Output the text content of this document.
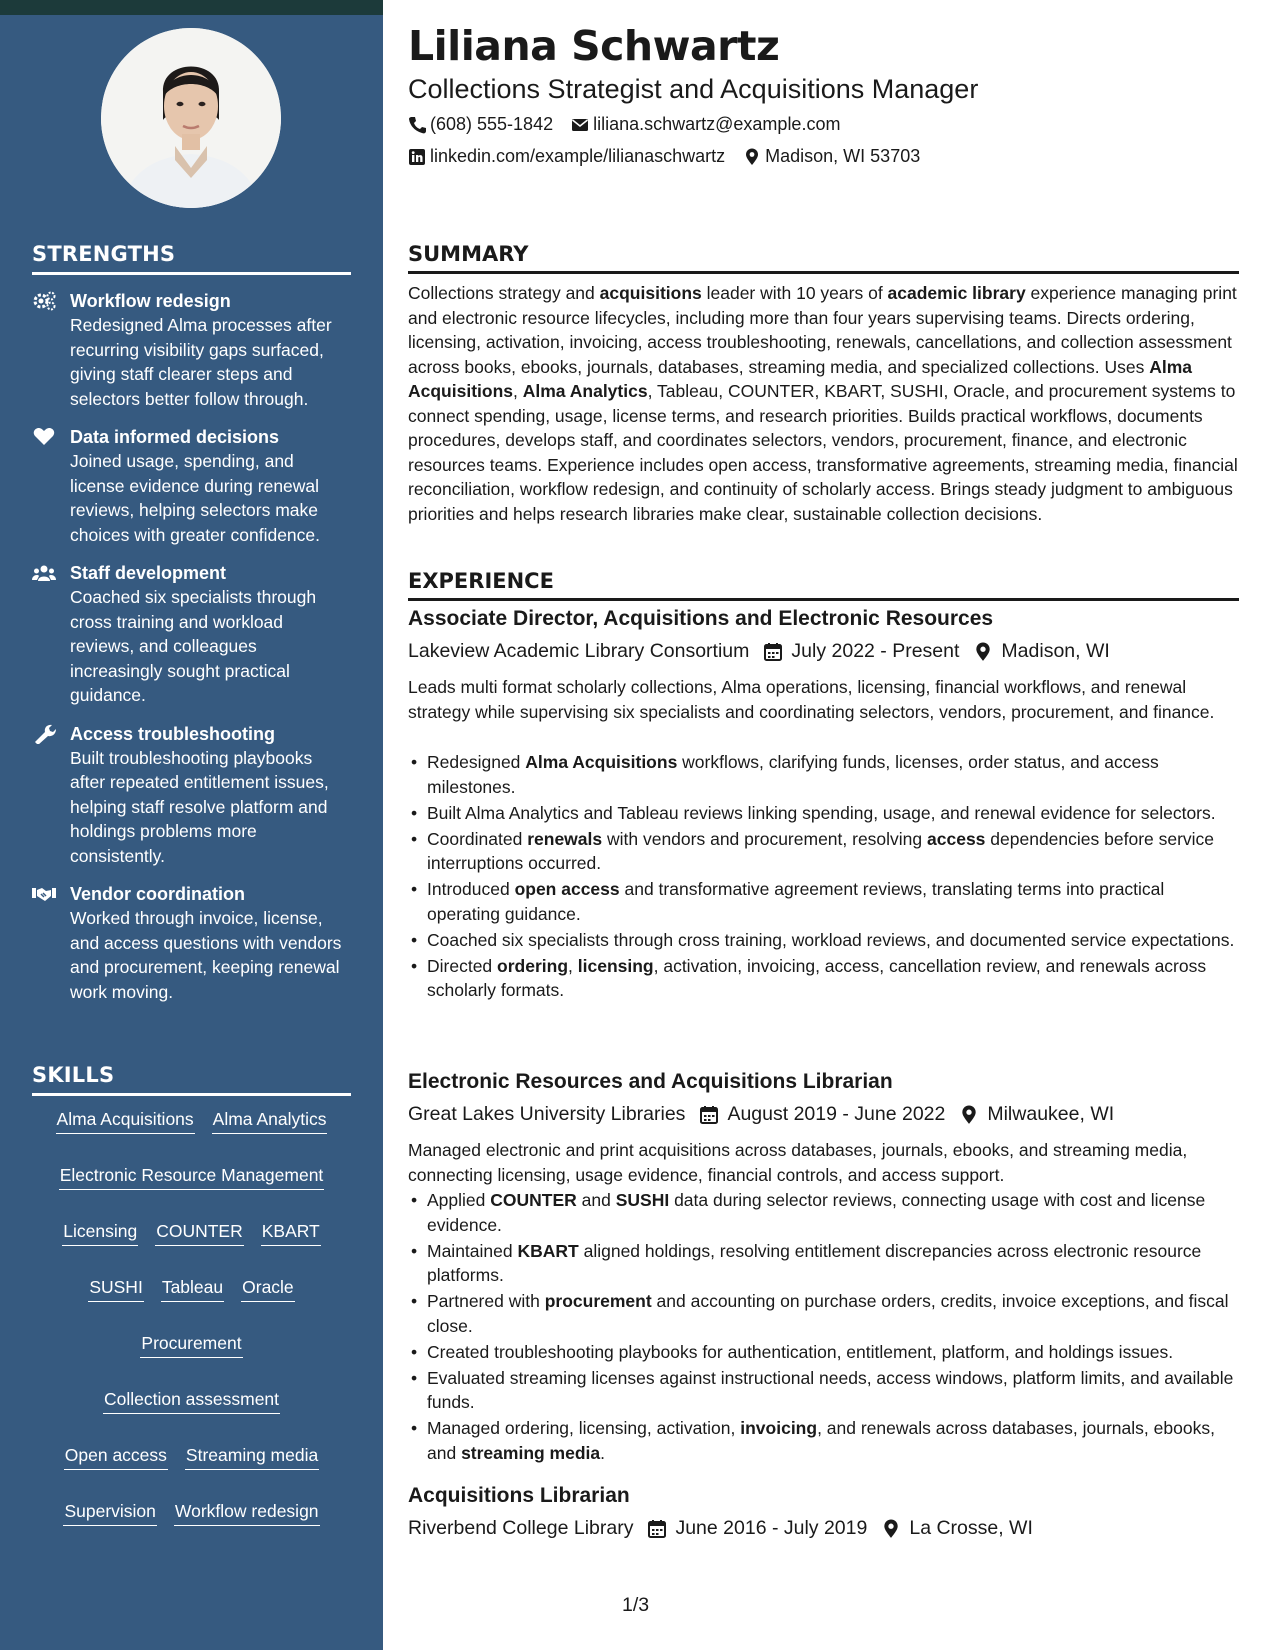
STRENGTHS
Workflow redesign
Redesigned Alma processes after recurring visibility gaps surfaced, giving staff clearer steps and selectors better follow through.
Data informed decisions
Joined usage, spending, and license evidence during renewal reviews, helping selectors make choices with greater confidence.
Staff development
Coached six specialists through cross training and workload reviews, and colleagues increasingly sought practical guidance.
Access troubleshooting
Built troubleshooting playbooks after repeated entitlement issues, helping staff resolve platform and holdings problems more consistently.
Vendor coordination
Worked through invoice, license, and access questions with vendors and procurement, keeping renewal work moving.
SKILLS
Alma Acquisitions Alma Analytics
Electronic Resource Management
Licensing COUNTER KBART
SUSHI Tableau Oracle
Procurement
Collection assessment
Open access Streaming media
Supervision Workflow redesign
Liliana Schwartz
Collections Strategist and Acquisitions Manager
(608) 555-1842 liliana.schwartz@example.com
linkedin.com/example/lilianaschwartz Madison, WI 53703
SUMMARY

Collections strategy and acquisitions leader with 10 years of academic library experience managing print and electronic resource lifecycles, including more than four years supervising teams. Directs ordering, licensing, activation, invoicing, access troubleshooting, renewals, cancellations, and collection assessment across books, ebooks, journals, databases, streaming media, and specialized collections. Uses Alma Acquisitions, Alma Analytics, Tableau, COUNTER, KBART, SUSHI, Oracle, and procurement systems to connect spending, usage, license terms, and research priorities. Builds practical workflows, documents procedures, develops staff, and coordinates selectors, vendors, procurement, finance, and electronic resources teams. Experience includes open access, transformative agreements, streaming media, financial reconciliation, workflow redesign, and continuity of scholarly access. Brings steady judgment to ambiguous priorities and helps research libraries make clear, sustainable collection decisions.

EXPERIENCE
Associate Director, Acquisitions and Electronic Resources
Lakeview Academic Library Consortium July 2022 - Present Madison, WI

Leads multi format scholarly collections, Alma operations, licensing, financial workflows, and renewal strategy while supervising six specialists and coordinating selectors, vendors, procurement, and finance.

• Redesigned Alma Acquisitions workflows, clarifying funds, licenses, order status, and access milestones.
• Built Alma Analytics and Tableau reviews linking spending, usage, and renewal evidence for selectors.
• Coordinated renewals with vendors and procurement, resolving access dependencies before service interruptions occurred.
• Introduced open access and transformative agreement reviews, translating terms into practical operating guidance.
• Coached six specialists through cross training, workload reviews, and documented service expectations.
• Directed ordering, licensing, activation, invoicing, access, cancellation review, and renewals across scholarly formats.
Electronic Resources and Acquisitions Librarian
Great Lakes University Libraries August 2019 - June 2022 Milwaukee, WI

Managed electronic and print acquisitions across databases, journals, ebooks, and streaming media, connecting licensing, usage evidence, financial controls, and access support.

• Applied COUNTER and SUSHI data during selector reviews, connecting usage with cost and license evidence.
• Maintained KBART aligned holdings, resolving entitlement discrepancies across electronic resource platforms.
• Partnered with procurement and accounting on purchase orders, credits, invoice exceptions, and fiscal close.
• Created troubleshooting playbooks for authentication, entitlement, platform, and holdings issues.
• Evaluated streaming licenses against instructional needs, access windows, platform limits, and available funds.
• Managed ordering, licensing, activation, invoicing, and renewals across databases, journals, ebooks, and streaming media.
Acquisitions Librarian
Riverbend College Library June 2016 - July 2019 La Crosse, WI
1/3
